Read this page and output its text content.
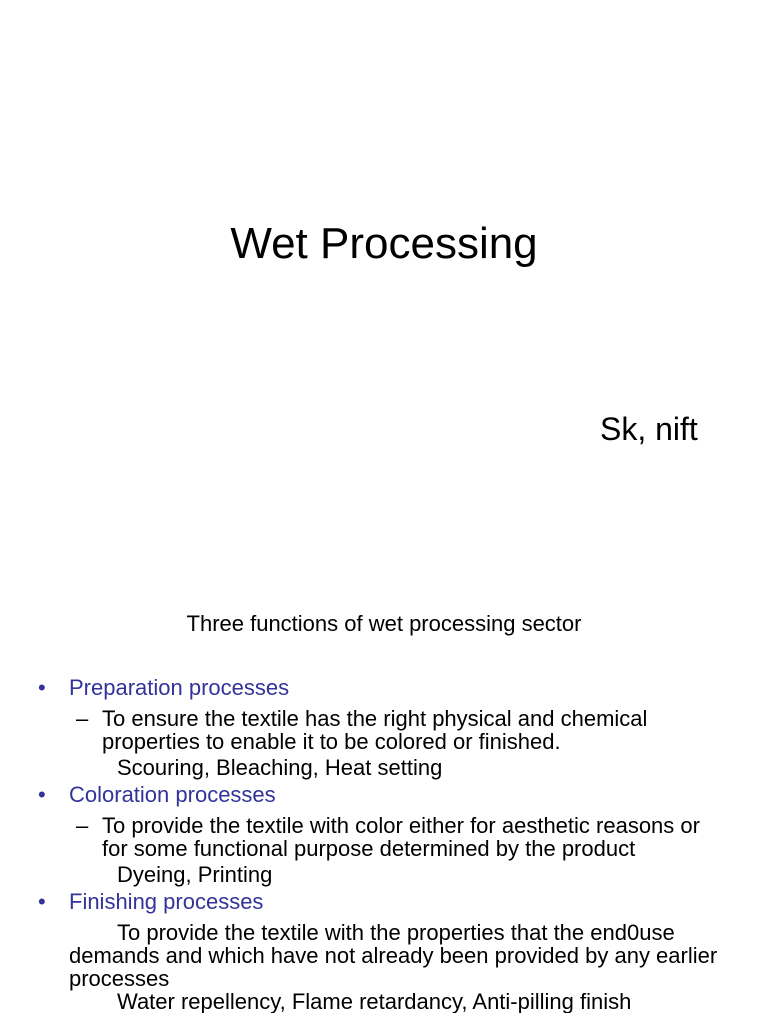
Wet Processing
Sk, nift
Three functions of wet processing sector
• Preparation processes
– To ensure the textile has the right physical and chemical properties to enable it to be colored or finished.
Scouring, Bleaching, Heat setting
• Coloration processes
– To provide the textile with color either for aesthetic reasons or for some functional purpose determined by the product
Dyeing, Printing
• Finishing processes
To provide the textile with the properties that the end0use demands and which have not already been provided by any earlier processes
Water repellency, Flame retardancy, Anti-pilling finish
